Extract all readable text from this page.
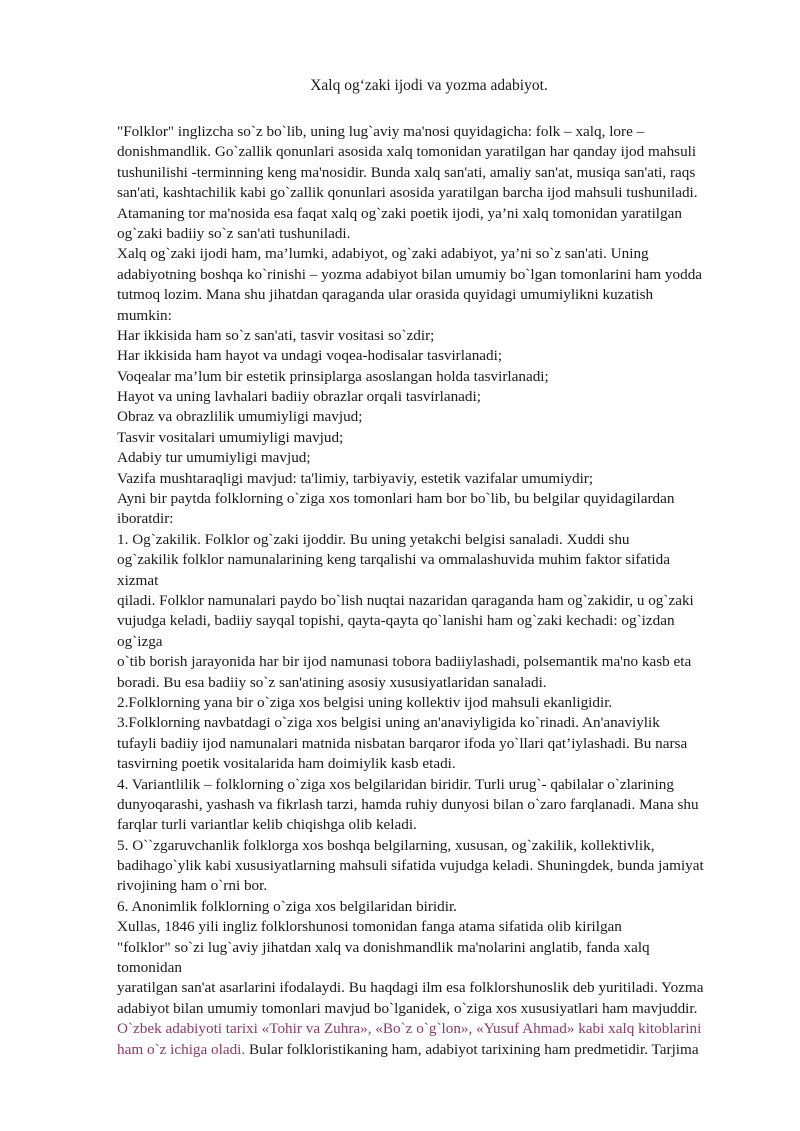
Xalq og‘zaki ijodi va yozma adabiyot.
"Folklor" inglizcha so`z bo`lib, uning lug`aviy ma'nosi quyidagicha: folk – xalq, lore –
donishmandlik. Go`zallik qonunlari asosida xalq tomonidan yaratilgan har qanday ijod mahsuli
tushunilishi -terminning keng ma'nosidir. Bunda xalq san'ati, amaliy san'at, musiqa san'ati, raqs
san'ati, kashtachilik kabi go`zallik qonunlari asosida yaratilgan barcha ijod mahsuli tushuniladi.
Atamaning tor ma'nosida esa faqat xalq og`zaki poetik ijodi, ya’ni xalq tomonidan yaratilgan
og`zaki badiiy so`z san'ati tushuniladi.
Xalq og`zaki ijodi ham, ma’lumki, adabiyot, og`zaki adabiyot, ya’ni so`z san'ati. Uning
adabiyotning boshqa ko`rinishi – yozma adabiyot bilan umumiy bo`lgan tomonlarini ham yodda
tutmoq lozim. Mana shu jihatdan qaraganda ular orasida quyidagi umumiylikni kuzatish
mumkin:
Har ikkisida ham so`z san'ati, tasvir vositasi so`zdir;
Har ikkisida ham hayot va undagi voqea-hodisalar tasvirlanadi;
Voqealar ma’lum bir estetik prinsiplarga asoslangan holda tasvirlanadi;
Hayot va uning lavhalari badiiy obrazlar orqali tasvirlanadi;
Obraz va obrazlilik umumiyligi mavjud;
Tasvir vositalari umumiyligi mavjud;
Adabiy tur umumiyligi mavjud;
Vazifa mushtaraqligi mavjud: ta'limiy, tarbiyaviy, estetik vazifalar umumiydir;
Ayni bir paytda folklorning o`ziga xos tomonlari ham bor bo`lib, bu belgilar quyidagilardan
iboratdir:
1. Og`zakilik. Folklor og`zaki ijoddir. Bu uning yetakchi belgisi sanaladi. Xuddi shu
og`zakilik folklor namunalarining keng tarqalishi va ommalashuvida muhim faktor sifatida
xizmat
qiladi. Folklor namunalari paydo bo`lish nuqtai nazaridan qaraganda ham og`zakidir, u og`zaki
vujudga keladi, badiiy sayqal topishi, qayta-qayta qo`lanishi ham og`zaki kechadi: og`izdan
og`izga
o`tib borish jarayonida har bir ijod namunasi tobora badiiylashadi, polsemantik ma'no kasb eta
boradi. Bu esa badiiy so`z san'atining asosiy xususiyatlaridan sanaladi.
2.Folklorning yana bir o`ziga xos belgisi uning kollektiv ijod mahsuli ekanligidir.
3.Folklorning navbatdagi o`ziga xos belgisi uning an'anaviyligida ko`rinadi. An'anaviylik
tufayli badiiy ijod namunalari matnida nisbatan barqaror ifoda yo`llari qat’iylashadi. Bu narsa
tasvirning poetik vositalarida ham doimiylik kasb etadi.
4. Variantlilik – folklorning o`ziga xos belgilaridan biridir. Turli urug`- qabilalar o`zlarining
dunyoqarashi, yashash va fikrlash tarzi, hamda ruhiy dunyosi bilan o`zaro farqlanadi. Mana shu
farqlar turli variantlar kelib chiqishga olib keladi.
5. O``zgaruvchanlik folklorga xos boshqa belgilarning, xususan, og`zakilik, kollektivlik,
badihago`ylik kabi xususiyatlarning mahsuli sifatida vujudga keladi. Shuningdek, bunda jamiyat
rivojining ham o`rni bor.
6. Anonimlik folklorning o`ziga xos belgilaridan biridir.
Xullas, 1846 yili ingliz folklorshunosi tomonidan fanga atama sifatida olib kirilgan
"folklor" so`zi lug`aviy jihatdan xalq va donishmandlik ma'nolarini anglatib, fanda xalq
tomonidan
yaratilgan san'at asarlarini ifodalaydi. Bu haqdagi ilm esa folklorshunoslik deb yuritiladi. Yozma
adabiyot bilan umumiy tomonlari mavjud bo`lganidek, o`ziga xos xususiyatlari ham mavjuddir.
O`zbek adabiyoti tarixi «Tohir va Zuhra», «Bo`z o`g`lon», «Yusuf Ahmad» kabi xalq kitoblarini
ham o`z ichiga oladi. Bular folkloristikaning ham, adabiyot tarixining ham predmetidir. Tarjima
